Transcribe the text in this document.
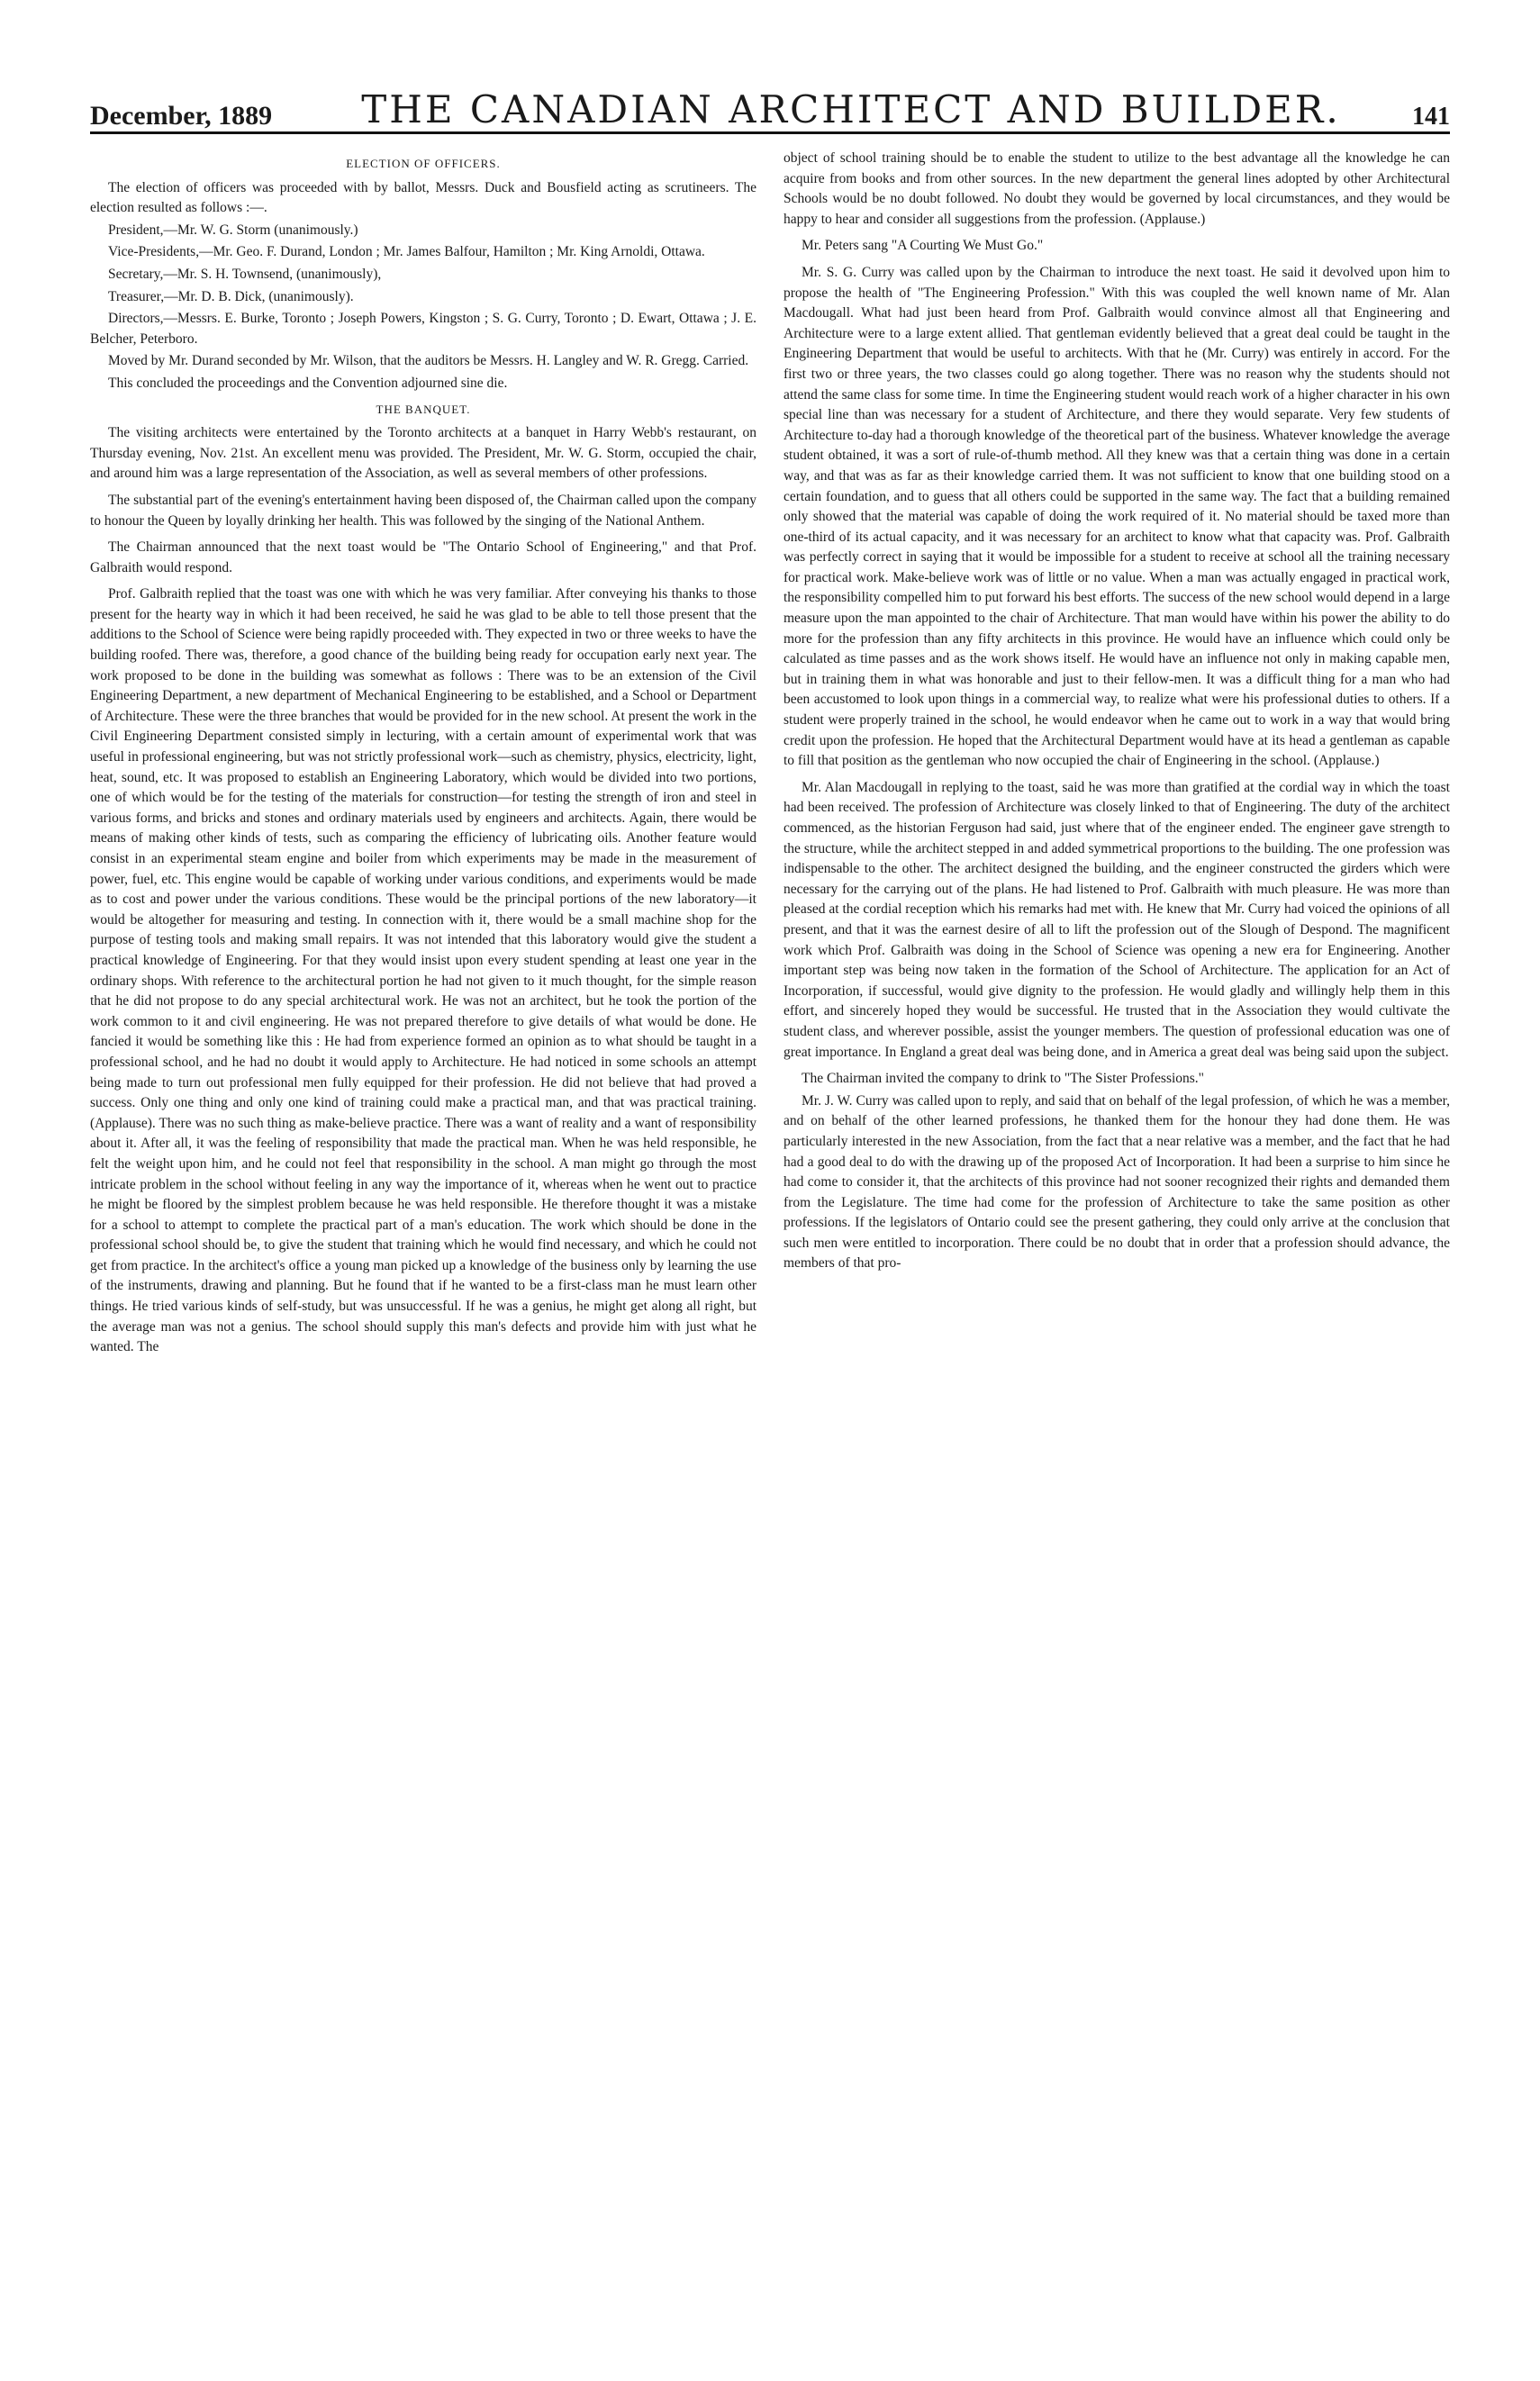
December, 1889	THE CANADIAN ARCHITECT AND BUILDER.	141
ELECTION OF OFFICERS.

The election of officers was proceeded with by ballot, Messrs. Duck and Bousfield acting as scrutineers. The election resulted as follows :—.

President,—Mr. W. G. Storm (unanimously.)

Vice-Presidents,—Mr. Geo. F. Durand, London ; Mr. James Balfour, Hamilton ; Mr. King Arnoldi, Ottawa.

Secretary,—Mr. S. H. Townsend, (unanimously),

Treasurer,—Mr. D. B. Dick, (unanimously).

Directors,—Messrs. E. Burke, Toronto ; Joseph Powers, Kingston ; S. G. Curry, Toronto ; D. Ewart, Ottawa ; J. E. Belcher, Peterboro.

Moved by Mr. Durand seconded by Mr. Wilson, that the auditors be Messrs. H. Langley and W. R. Gregg. Carried.

This concluded the proceedings and the Convention adjourned sine die.

THE BANQUET.

The visiting architects were entertained by the Toronto architects at a banquet in Harry Webb's restaurant, on Thursday evening, Nov. 21st. An excellent menu was provided. The President, Mr. W. G. Storm, occupied the chair, and around him was a large representation of the Association, as well as several members of other professions.

The substantial part of the evening's entertainment having been disposed of, the Chairman called upon the company to honour the Queen by loyally drinking her health. This was followed by the singing of the National Anthem.

The Chairman announced that the next toast would be "The Ontario School of Engineering," and that Prof. Galbraith would respond.

Prof. Galbraith replied that the toast was one with which he was very familiar. After conveying his thanks to those present for the hearty way in which it had been received, he said he was glad to be able to tell those present that the additions to the School of Science were being rapidly proceeded with. They expected in two or three weeks to have the building roofed. There was, therefore, a good chance of the building being ready for occupation early next year. The work proposed to be done in the building was somewhat as follows : There was to be an extension of the Civil Engineering Department, a new department of Mechanical Engineering to be established, and a School or Department of Architecture. These were the three branches that would be provided for in the new school. At present the work in the Civil Engineering Department consisted simply in lecturing, with a certain amount of experimental work that was useful in professional engineering, but was not strictly professional work—such as chemistry, physics, electricity, light, heat, sound, etc. It was proposed to establish an Engineering Laboratory, which would be divided into two portions, one of which would be for the testing of the materials for construction—for testing the strength of iron and steel in various forms, and bricks and stones and ordinary materials used by engineers and architects. Again, there would be means of making other kinds of tests, such as comparing the efficiency of lubricating oils. Another feature would consist in an experimental steam engine and boiler from which experiments may be made in the measurement of power, fuel, etc. This engine would be capable of working under various conditions, and experiments would be made as to cost and power under the various conditions. These would be the principal portions of the new laboratory—it would be altogether for measuring and testing. In connection with it, there would be a small machine shop for the purpose of testing tools and making small repairs. It was not intended that this laboratory would give the student a practical knowledge of Engineering. For that they would insist upon every student spending at least one year in the ordinary shops. With reference to the architectural portion he had not given to it much thought, for the simple reason that he did not propose to do any special architectural work. He was not an architect, but he took the portion of the work common to it and civil engineering. He was not prepared therefore to give details of what would be done. He fancied it would be something like this : He had from experience formed an opinion as to what should be taught in a professional school, and he had no doubt it would apply to Architecture. He had noticed in some schools an attempt being made to turn out professional men fully equipped for their profession. He did not believe that had proved a success. Only one thing and only one kind of training could make a practical man, and that was practical training. (Applause). There was no such thing as make-believe practice. There was a want of reality and a want of responsibility about it. After all, it was the feeling of responsibility that made the practical man. When he was held responsible, he felt the weight upon him, and he could not feel that responsibility in the school. A man might go through the most intricate problem in the school without feeling in any way the importance of it, whereas when he went out to practice he might be floored by the simplest problem because he was held responsible. He therefore thought it was a mistake for a school to attempt to complete the practical part of a man's education. The work which should be done in the professional school should be, to give the student that training which he would find necessary, and which he could not get from practice. In the architect's office a young man picked up a knowledge of the business only by learning the use of the instruments, drawing and planning. But he found that if he wanted to be a first-class man he must learn other things. He tried various kinds of self-study, but was unsuccessful. If he was a genius, he might get along all right, but the average man was not a genius. The school should supply this man's defects and provide him with just what he wanted. The

object of school training should be to enable the student to utilize to the best advantage all the knowledge he can acquire from books and from other sources. In the new department the general lines adopted by other Architectural Schools would be no doubt followed. No doubt they would be governed by local circumstances, and they would be happy to hear and consider all suggestions from the profession. (Applause.)

Mr. Peters sang "A Courting We Must Go."

Mr. S. G. Curry was called upon by the Chairman to introduce the next toast. He said it devolved upon him to propose the health of "The Engineering Profession." With this was coupled the well known name of Mr. Alan Macdougall. What had just been heard from Prof. Galbraith would convince almost all that Engineering and Architecture were to a large extent allied. That gentleman evidently believed that a great deal could be taught in the Engineering Department that would be useful to architects. With that he (Mr. Curry) was entirely in accord. For the first two or three years, the two classes could go along together. There was no reason why the students should not attend the same class for some time. In time the Engineering student would reach work of a higher character in his own special line than was necessary for a student of Architecture, and there they would separate. Very few students of Architecture to-day had a thorough knowledge of the theoretical part of the business. Whatever knowledge the average student obtained, it was a sort of rule-of-thumb method. All they knew was that a certain thing was done in a certain way, and that was as far as their knowledge carried them. It was not sufficient to know that one building stood on a certain foundation, and to guess that all others could be supported in the same way. The fact that a building remained only showed that the material was capable of doing the work required of it. No material should be taxed more than one-third of its actual capacity, and it was necessary for an architect to know what that capacity was. Prof. Galbraith was perfectly correct in saying that it would be impossible for a student to receive at school all the training necessary for practical work. Make-believe work was of little or no value. When a man was actually engaged in practical work, the responsibility compelled him to put forward his best efforts. The success of the new school would depend in a large measure upon the man appointed to the chair of Architecture. That man would have within his power the ability to do more for the profession than any fifty architects in this province. He would have an influence which could only be calculated as time passes and as the work shows itself. He would have an influence not only in making capable men, but in training them in what was honorable and just to their fellow-men. It was a difficult thing for a man who had been accustomed to look upon things in a commercial way, to realize what were his professional duties to others. If a student were properly trained in the school, he would endeavor when he came out to work in a way that would bring credit upon the profession. He hoped that the Architectural Department would have at its head a gentleman as capable to fill that position as the gentleman who now occupied the chair of Engineering in the school. (Applause.)

Mr. Alan Macdougall in replying to the toast, said he was more than gratified at the cordial way in which the toast had been received. The profession of Architecture was closely linked to that of Engineering. The duty of the architect commenced, as the historian Ferguson had said, just where that of the engineer ended. The engineer gave strength to the structure, while the architect stepped in and added symmetrical proportions to the building. The one profession was indispensable to the other. The architect designed the building, and the engineer constructed the girders which were necessary for the carrying out of the plans. He had listened to Prof. Galbraith with much pleasure. He was more than pleased at the cordial reception which his remarks had met with. He knew that Mr. Curry had voiced the opinions of all present, and that it was the earnest desire of all to lift the profession out of the Slough of Despond. The magnificent work which Prof. Galbraith was doing in the School of Science was opening a new era for Engineering. Another important step was being now taken in the formation of the School of Architecture. The application for an Act of Incorporation, if successful, would give dignity to the profession. He would gladly and willingly help them in this effort, and sincerely hoped they would be successful. He trusted that in the Association they would cultivate the student class, and wherever possible, assist the younger members. The question of professional education was one of great importance. In England a great deal was being done, and in America a great deal was being said upon the subject.

The Chairman invited the company to drink to "The Sister Professions."

Mr. J. W. Curry was called upon to reply, and said that on behalf of the legal profession, of which he was a member, and on behalf of the other learned professions, he thanked them for the honour they had done them. He was particularly interested in the new Association, from the fact that a near relative was a member, and the fact that he had had a good deal to do with the drawing up of the proposed Act of Incorporation. It had been a surprise to him since he had come to consider it, that the architects of this province had not sooner recognized their rights and demanded them from the Legislature. The time had come for the profession of Architecture to take the same position as other professions. If the legislators of Ontario could see the present gathering, they could only arrive at the conclusion that such men were entitled to incorporation. There could be no doubt that in order that a profession should advance, the members of that pro-
